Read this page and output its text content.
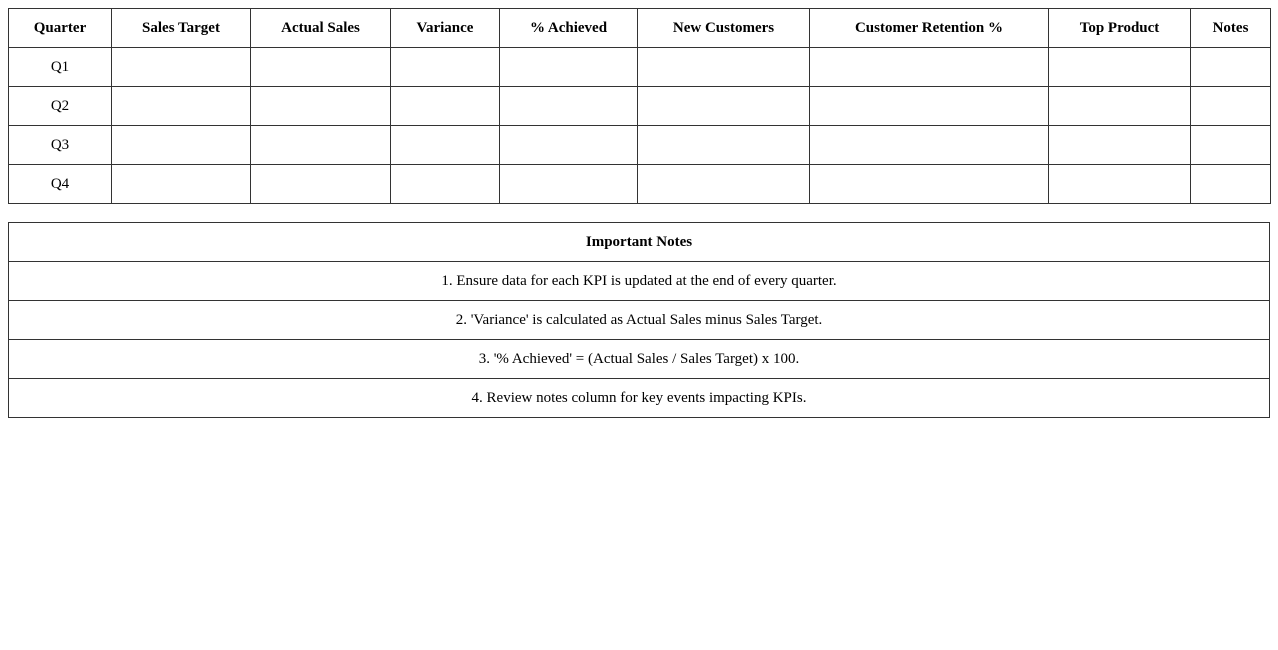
Quarter	Sales Target	Actual Sales	Variance	% Achieved	New Customers	Customer Retention %	Top Product	Notes
Q1								
Q2								
Q3								
Q4								
Important Notes
1. Ensure data for each KPI is updated at the end of every quarter.
2. 'Variance' is calculated as Actual Sales minus Sales Target.
3. '% Achieved' = (Actual Sales / Sales Target) x 100.
4. Review notes column for key events impacting KPIs.
